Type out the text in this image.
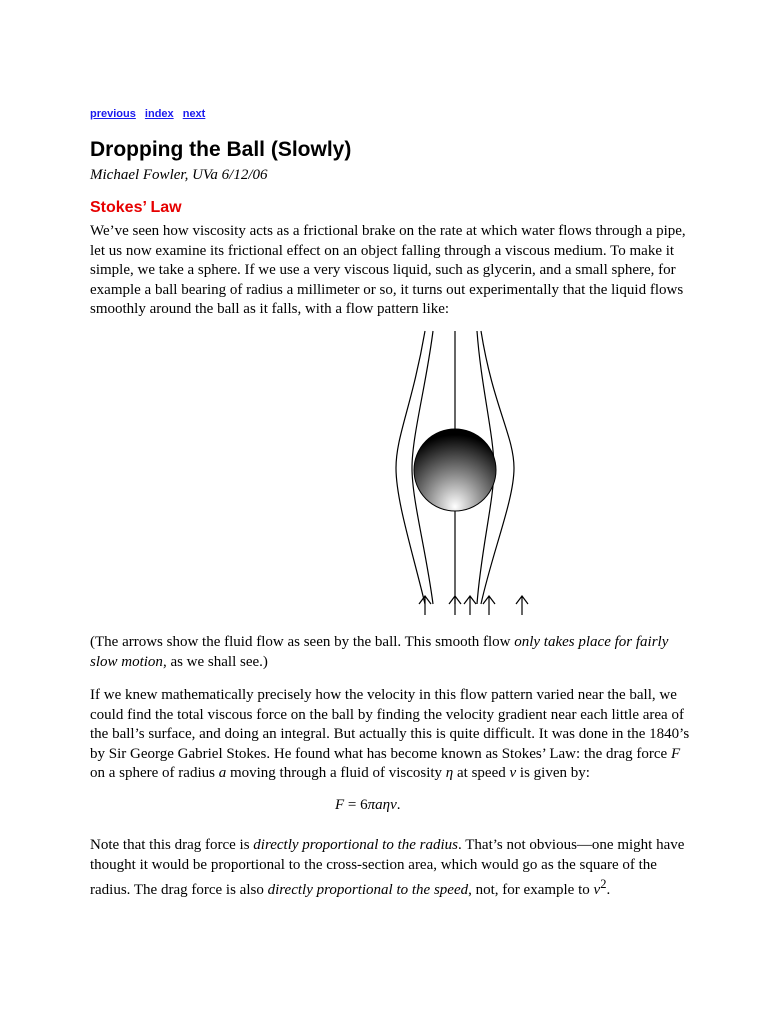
previous index next
Dropping the Ball (Slowly)
Michael Fowler, UVa 6/12/06
Stokes’ Law
We’ve seen how viscosity acts as a frictional brake on the rate at which water flows through a pipe, let us now examine its frictional effect on an object falling through a viscous medium. To make it simple, we take a sphere. If we use a very viscous liquid, such as glycerin, and a small sphere, for example a ball bearing of radius a millimeter or so, it turns out experimentally that the liquid flows smoothly around the ball as it falls, with a flow pattern like:
(The arrows show the fluid flow as seen by the ball. This smooth flow only takes place for fairly slow motion, as we shall see.)
If we knew mathematically precisely how the velocity in this flow pattern varied near the ball, we could find the total viscous force on the ball by finding the velocity gradient near each little area of the ball’s surface, and doing an integral. But actually this is quite difficult. It was done in the 1840’s by Sir George Gabriel Stokes. He found what has become known as Stokes’ Law: the drag force F on a sphere of radius a moving through a fluid of viscosity η at speed v is given by:
F = 6πaηv.
Note that this drag force is directly proportional to the radius. That’s not obvious—one might have thought it would be proportional to the cross-section area, which would go as the square of the radius. The drag force is also directly proportional to the speed, not, for example to $v^2$.
